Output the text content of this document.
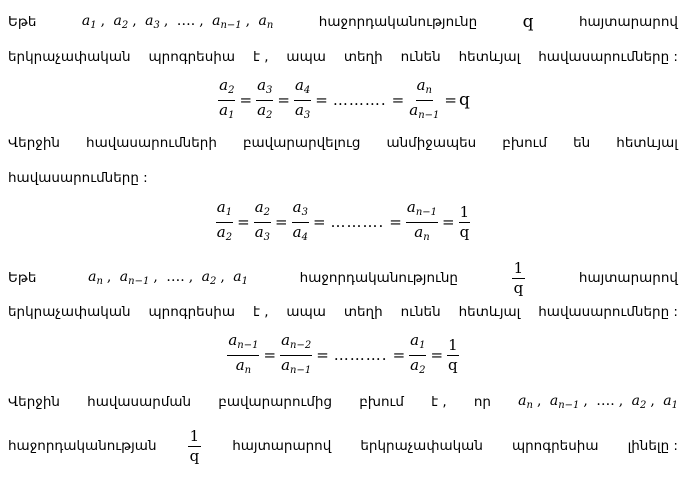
Եթե	$a_1$ , $a_2$ , $a_3$ , …. , $a_{n-1}$ , $a_n$	հաջորդականությունը	q	հայտարարով
երկրաչափական պրոգրեսիա է , ապա տեղի ունեն հետևյալ հավասարումները :
$\frac{a_2}{a_1} = \frac{a_3}{a_2} = \frac{a_4}{a_3}$ = ………. = $\frac{a_n}{a_{n-1}} = q$
Վերջին հավասարումների բավարարվելուց անմիջապես բխում են հետևյալ
հավասարումները :
$\frac{a_1}{a_2} = \frac{a_2}{a_3} = \frac{a_3}{a_4}$ = ………. = $\frac{a_{n-1}}{a_n} = \frac{1}{q}$
Եթե	$a_n$ , $a_{n-1}$ , …. , $a_2$ , $a_1$	հաջորդականությունը	$\frac{1}{q}$	հայտարարով
երկրաչափական պրոգրեսիա է , ապա տեղի ունեն հետևյալ հավասարումները :
$\frac{a_{n-1}}{a_n} = \frac{a_{n-2}}{a_{n-1}}$ = ………. = $\frac{a_1}{a_2} = \frac{1}{q}$
Վերջին հավասարման բավարարումից բխում է , որ $a_n$ , $a_{n-1}$ , …. , $a_2$ , $a_1$
հաջորդականության $\frac{1}{q}$ հայտարարով երկրաչափական պրոգրեսիա լինելը :
